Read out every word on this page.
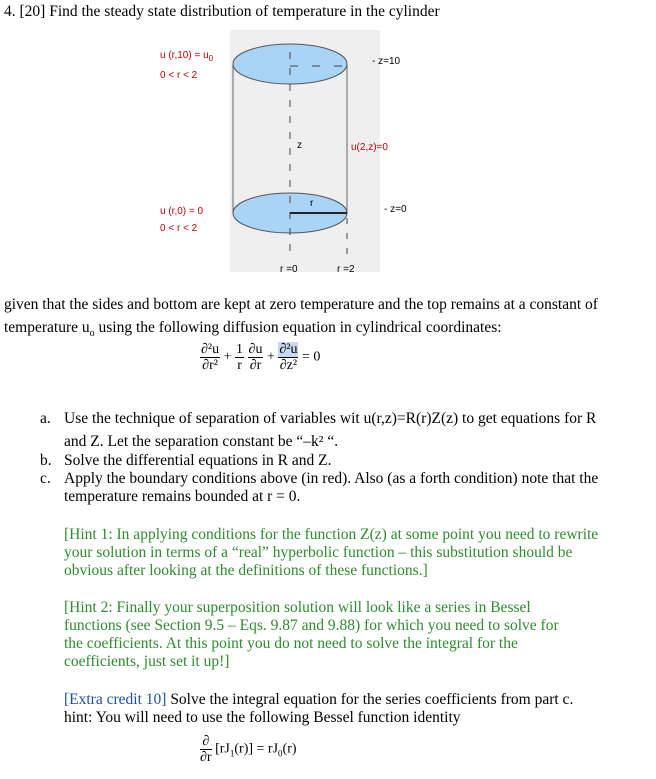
4. [20] Find the steady state distribution of temperature in the cylinder
u $(r,10) = u_0$
0 < r < 2
u (r,0) = 0
0 < r < 2
- z=10
- z=0
u(2,z)=0
z
r
r =0	r =2
given that the sides and bottom are kept at zero temperature and the top remains at a constant of
temperature $u_o$ using the following diffusion equation in cylindrical coordinates:
$\frac{\text{∂²u}}{\text{∂r²}} + \frac{1}{r}$
$\frac{\partial u}{\partial r} + \frac{\text{∂²u}}{\text{∂z²}} = 0$
a. Use the technique of separation of variables wit u(r,z)=R(r)Z(z) to get equations for R
and Z. Let the separation constant be “–k² “.
b. Solve the differential equations in R and Z.
c. Apply the boundary conditions above (in red). Also (as a forth condition) note that the
temperature remains bounded at r = 0.
[Hint 1: In applying conditions for the function Z(z) at some point you need to rewrite
your solution in terms of a “real” hyperbolic function – this substitution should be
obvious after looking at the definitions of these functions.]
[Hint 2: Finally your superposition solution will look like a series in Bessel
functions (see Section 9.5 – Eqs. 9.87 and 9.88) for which you need to solve for
the coefficients. At this point you do not need to solve the integral for the
coefficients, just set it up!]
[Extra credit 10] Solve the integral equation for the series coefficients from part c.
hint: You will need to use the following Bessel function identity
$\frac{\partial}{\partial r} [rJ_1(r)] = rJ_0(r)$
